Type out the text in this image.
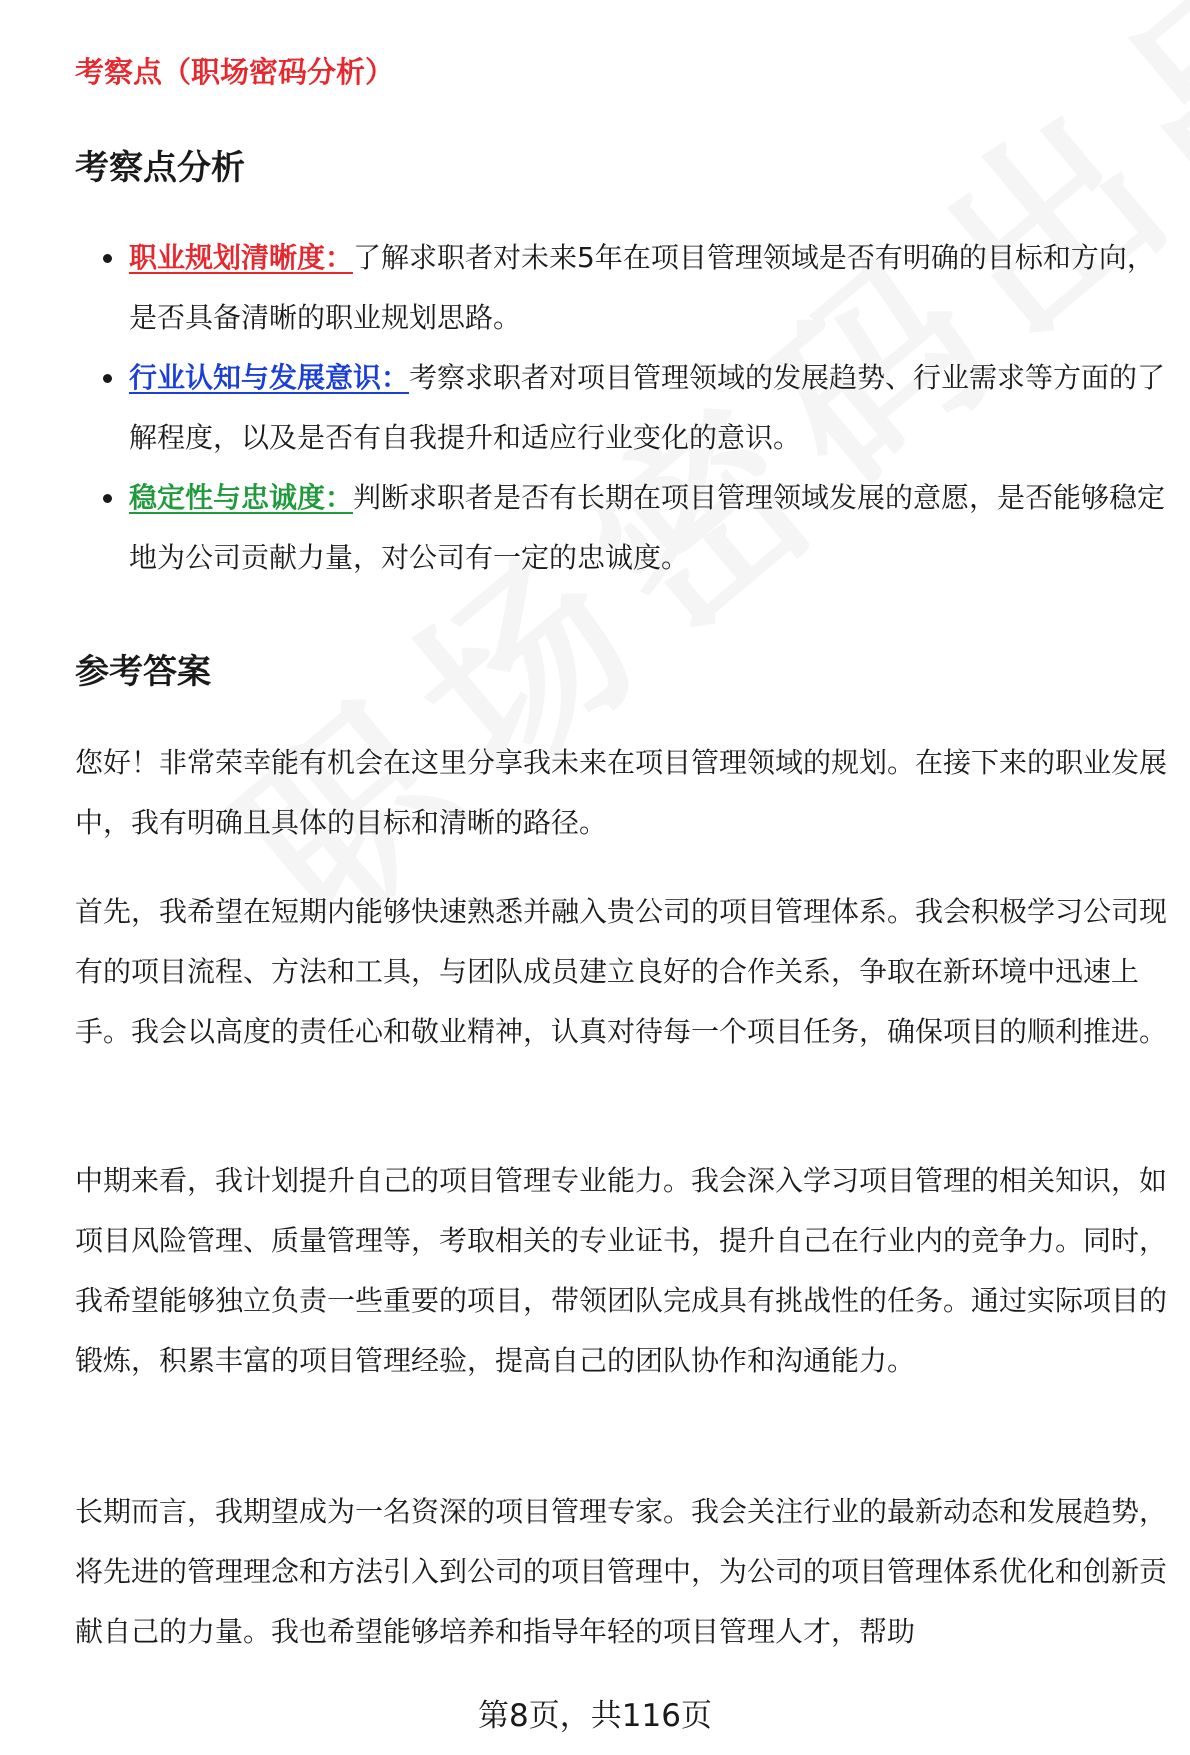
考察点（职场密码分析）
考察点分析
职业规划清晰度：了解求职者对未来5年在项目管理领域是否有明确的目标和方向，是否具备清晰的职业规划思路。
行业认知与发展意识：考察求职者对项目管理领域的发展趋势、行业需求等方面的了解程度，以及是否有自我提升和适应行业变化的意识。
稳定性与忠诚度：判断求职者是否有长期在项目管理领域发展的意愿，是否能够稳定地为公司贡献力量，对公司有一定的忠诚度。
参考答案

您好！非常荣幸能有机会在这里分享我未来在项目管理领域的规划。在接下来的职业发展中，我有明确且具体的目标和清晰的路径。

首先，我希望在短期内能够快速熟悉并融入贵公司的项目管理体系。我会积极学习公司现有的项目流程、方法和工具，与团队成员建立良好的合作关系，争取在新环境中迅速上手。我会以高度的责任心和敬业精神，认真对待每一个项目任务，确保项目的顺利推进。

中期来看，我计划提升自己的项目管理专业能力。我会深入学习项目管理的相关知识，如项目风险管理、质量管理等，考取相关的专业证书，提升自己在行业内的竞争力。同时，我希望能够独立负责一些重要的项目，带领团队完成具有挑战性的任务。通过实际项目的锻炼，积累丰富的项目管理经验，提高自己的团队协作和沟通能力。

长期而言，我期望成为一名资深的项目管理专家。我会关注行业的最新动态和发展趋势，将先进的管理理念和方法引入到公司的项目管理中，为公司的项目管理体系优化和创新贡献自己的力量。我也希望能够培养和指导年轻的项目管理人才，帮助

第8页，共116页
